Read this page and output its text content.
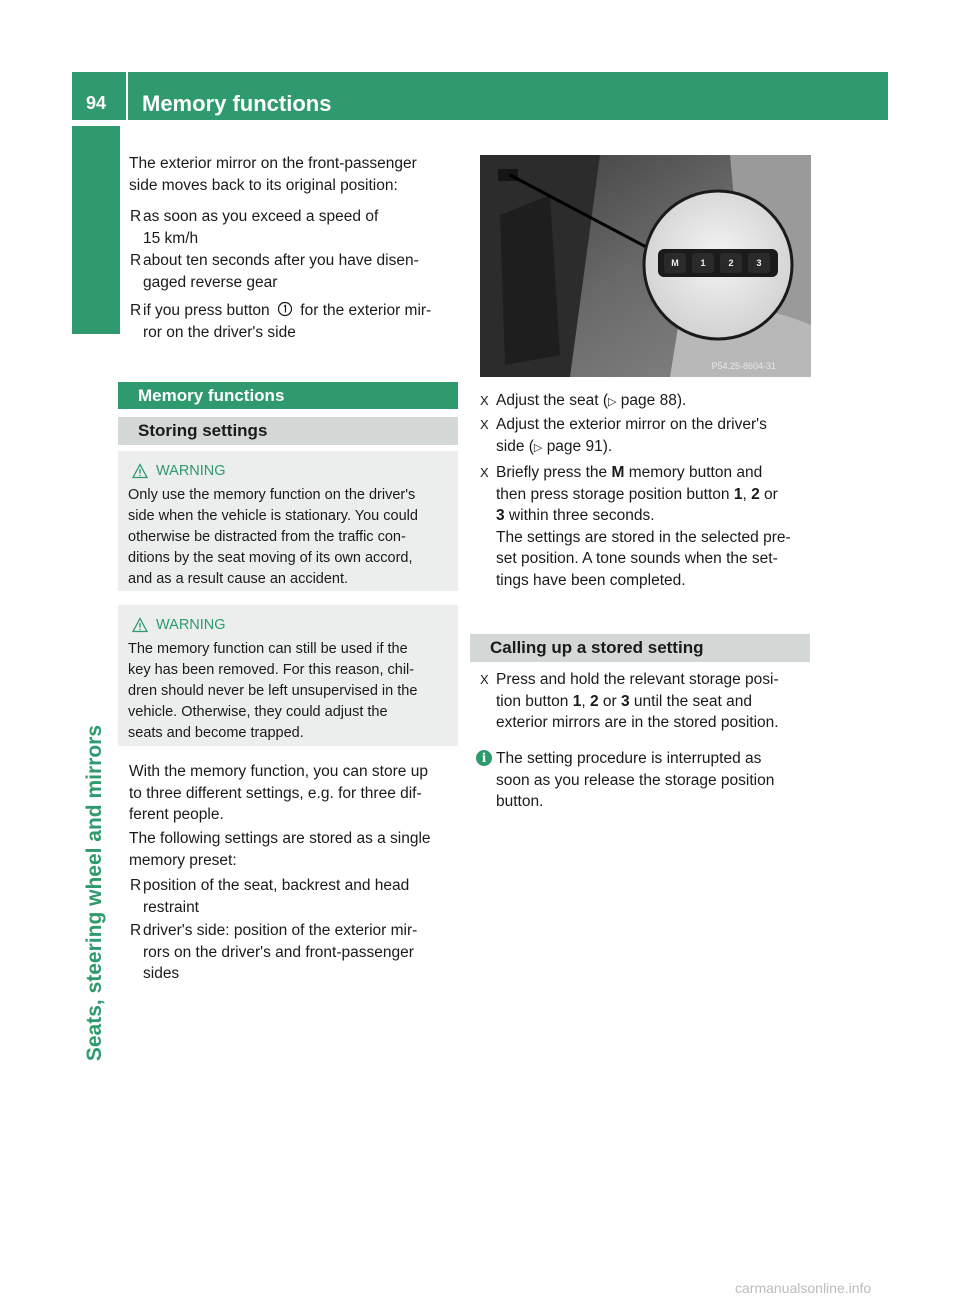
94 Memory functions
Seats, steering wheel and mirrors
The exterior mirror on the front-passenger
side moves back to its original position:
R as soon as you exceed a speed of
15 km/h
R about ten seconds after you have disen-
gaged reverse gear
R if you press button for the exterior mir-
ror on the driver's side
Memory functions
Storing settings
WARNING
Only use the memory function on the driver's
side when the vehicle is stationary. You could
otherwise be distracted from the traffic con-
ditions by the seat moving of its own accord,
and as a result cause an accident.
WARNING
The memory function can still be used if the
key has been removed. For this reason, chil-
dren should never be left unsupervised in the
vehicle. Otherwise, they could adjust the
seats and become trapped.
With the memory function, you can store up
to three different settings, e.g. for three dif-
ferent people.
The following settings are stored as a single
memory preset:
R position of the seat, backrest and head
restraint
R driver's side: position of the exterior mir-
rors on the driver's and front-passenger
sides
M 1	2	3
P54.25-8604-31
X Adjust the seat (▷ page 88).
X Adjust the exterior mirror on the driver's
side (▷ page 91).
X Briefly press the M memory button and
then press storage position button 1, 2 or
3 within three seconds.
The settings are stored in the selected pre-
set position. A tone sounds when the set-
tings have been completed.
Calling up a stored setting
X Press and hold the relevant storage posi-
tion button 1, 2 or 3 until the seat and
exterior mirrors are in the stored position.
i The setting procedure is interrupted as
soon as you release the storage position
button.
carmanualsonline.info
